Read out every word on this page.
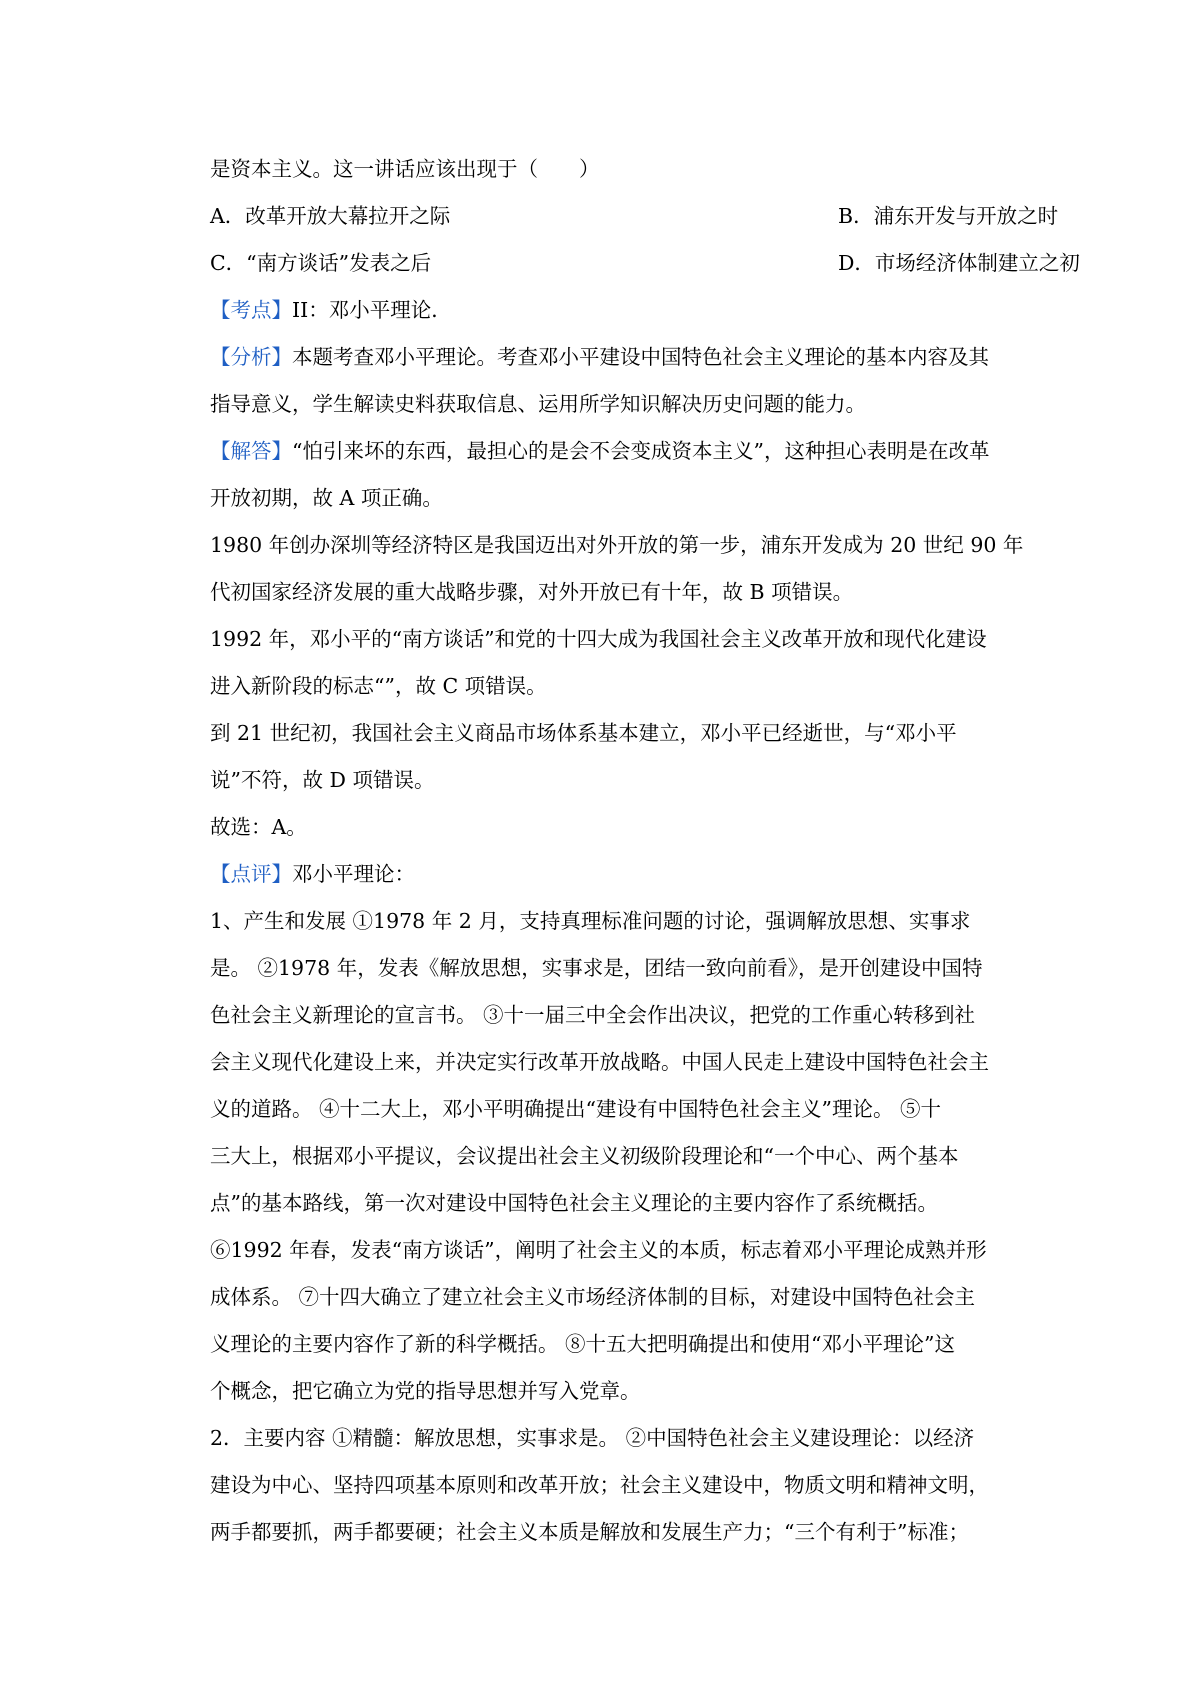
是资本主义。这一讲话应该出现于（　　）
A．改革开放大幕拉开之际	B．浦东开发与开放之时
C．“南方谈话”发表之后	D．市场经济体制建立之初
【考点】II：邓小平理论．
【分析】本题考查邓小平理论。考查邓小平建设中国特色社会主义理论的基本内容及其
指导意义，学生解读史料获取信息、运用所学知识解决历史问题的能力。
【解答】“怕引来坏的东西，最担心的是会不会变成资本主义”，这种担心表明是在改革
开放初期，故 A 项正确。
1980 年创办深圳等经济特区是我国迈出对外开放的第一步，浦东开发成为 20 世纪 90 年
代初国家经济发展的重大战略步骤，对外开放已有十年，故 B 项错误。
1992 年，邓小平的“南方谈话”和党的十四大成为我国社会主义改革开放和现代化建设
进入新阶段的标志“”，故 C 项错误。
到 21 世纪初，我国社会主义商品市场体系基本建立，邓小平已经逝世，与“邓小平
说”不符，故 D 项错误。
故选：A。
【点评】邓小平理论：
1、产生和发展 ①1978 年 2 月，支持真理标准问题的讨论，强调解放思想、实事求
是。 ②1978 年，发表《解放思想，实事求是，团结一致向前看》，是开创建设中国特
色社会主义新理论的宣言书。 ③十一届三中全会作出决议，把党的工作重心转移到社
会主义现代化建设上来，并决定实行改革开放战略。中国人民走上建设中国特色社会主
义的道路。 ④十二大上，邓小平明确提出“建设有中国特色社会主义”理论。 ⑤十
三大上，根据邓小平提议，会议提出社会主义初级阶段理论和“一个中心、两个基本
点”的基本路线，第一次对建设中国特色社会主义理论的主要内容作了系统概括。
⑥1992 年春，发表“南方谈话”，阐明了社会主义的本质，标志着邓小平理论成熟并形
成体系。 ⑦十四大确立了建立社会主义市场经济体制的目标，对建设中国特色社会主
义理论的主要内容作了新的科学概括。 ⑧十五大把明确提出和使用“邓小平理论”这
个概念，把它确立为党的指导思想并写入党章。
2．主要内容 ①精髓：解放思想，实事求是。 ②中国特色社会主义建设理论：以经济
建设为中心、坚持四项基本原则和改革开放；社会主义建设中，物质文明和精神文明，
两手都要抓，两手都要硬；社会主义本质是解放和发展生产力；“三个有利于”标准；
